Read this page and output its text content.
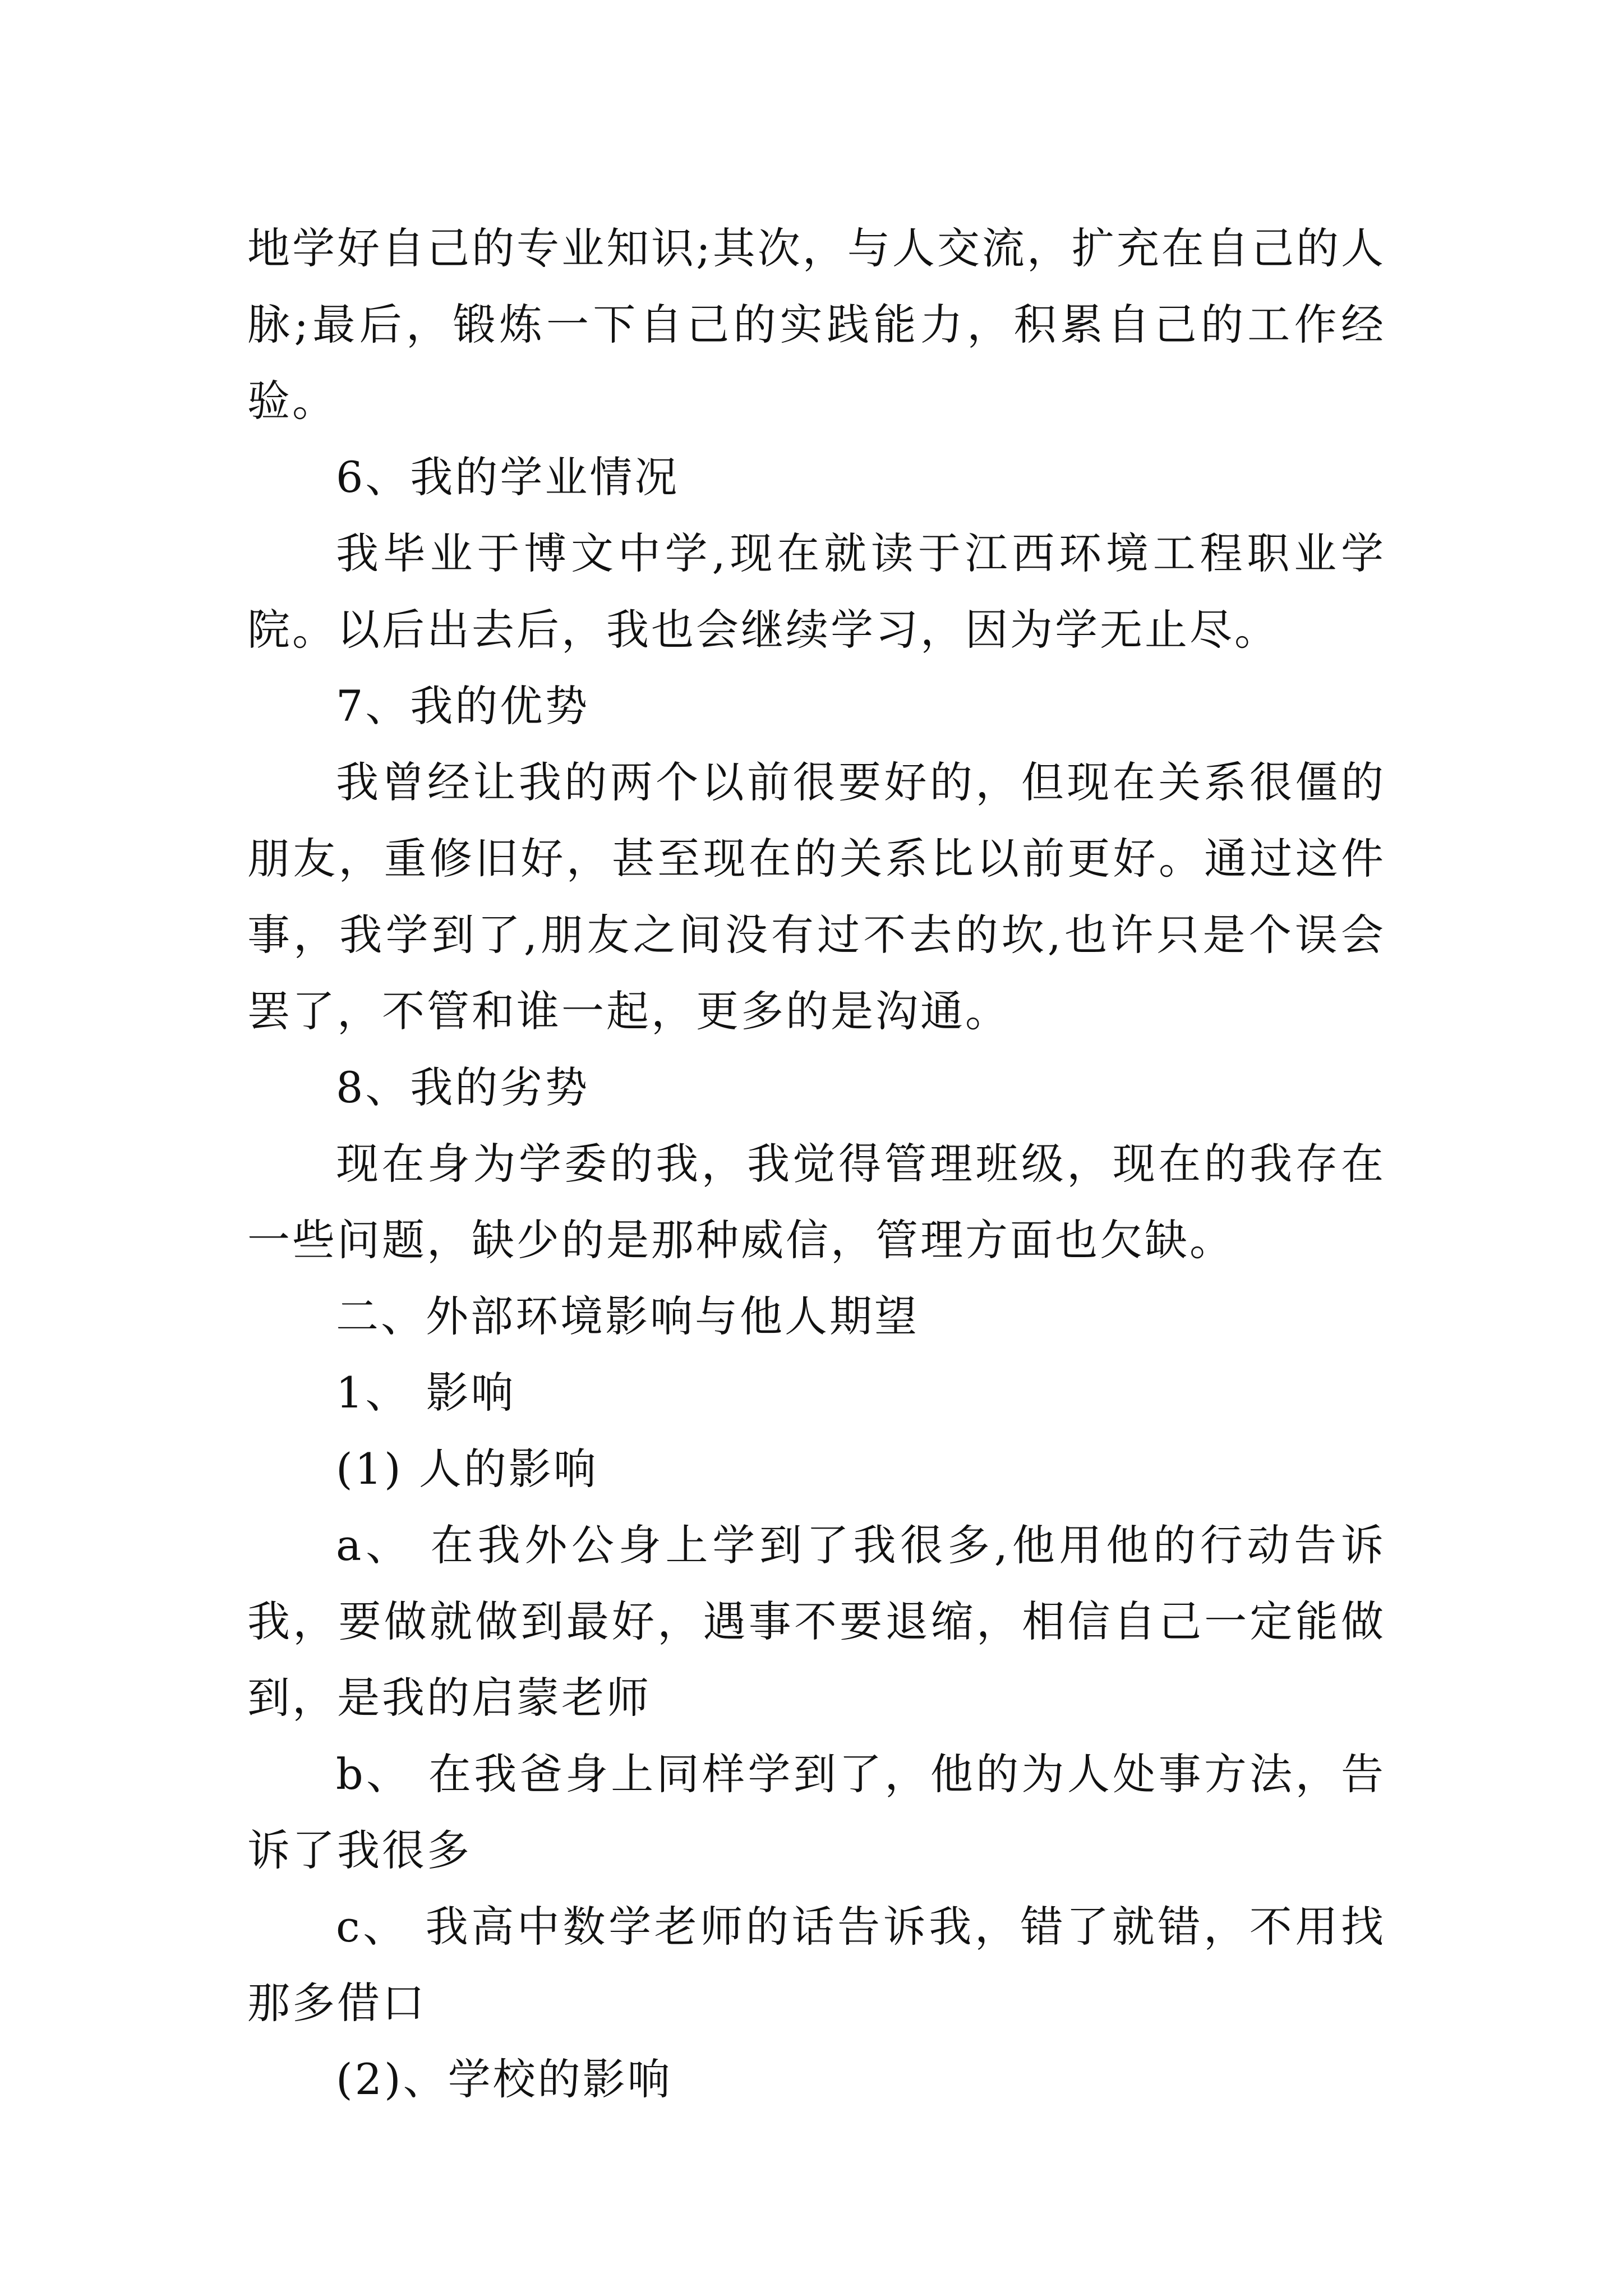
地学好自己的专业知识;其次，与人交流，扩充在自己的人脉;最后，锻炼一下自己的实践能力，积累自己的工作经验。

6、我的学业情况

我毕业于博文中学,现在就读于江西环境工程职业学院。以后出去后，我也会继续学习，因为学无止尽。

7、我的优势

我曾经让我的两个以前很要好的，但现在关系很僵的朋友，重修旧好，甚至现在的关系比以前更好。通过这件事，我学到了,朋友之间没有过不去的坎,也许只是个误会罢了，不管和谁一起，更多的是沟通。

8、我的劣势

现在身为学委的我，我觉得管理班级，现在的我存在一些问题，缺少的是那种威信，管理方面也欠缺。

二、外部环境影响与他人期望

1、 影响

(1) 人的影响

a、 在我外公身上学到了我很多,他用他的行动告诉我，要做就做到最好，遇事不要退缩，相信自己一定能做到，是我的启蒙老师

b、 在我爸身上同样学到了，他的为人处事方法，告诉了我很多

c、 我高中数学老师的话告诉我，错了就错，不用找那多借口

(2)、学校的影响
